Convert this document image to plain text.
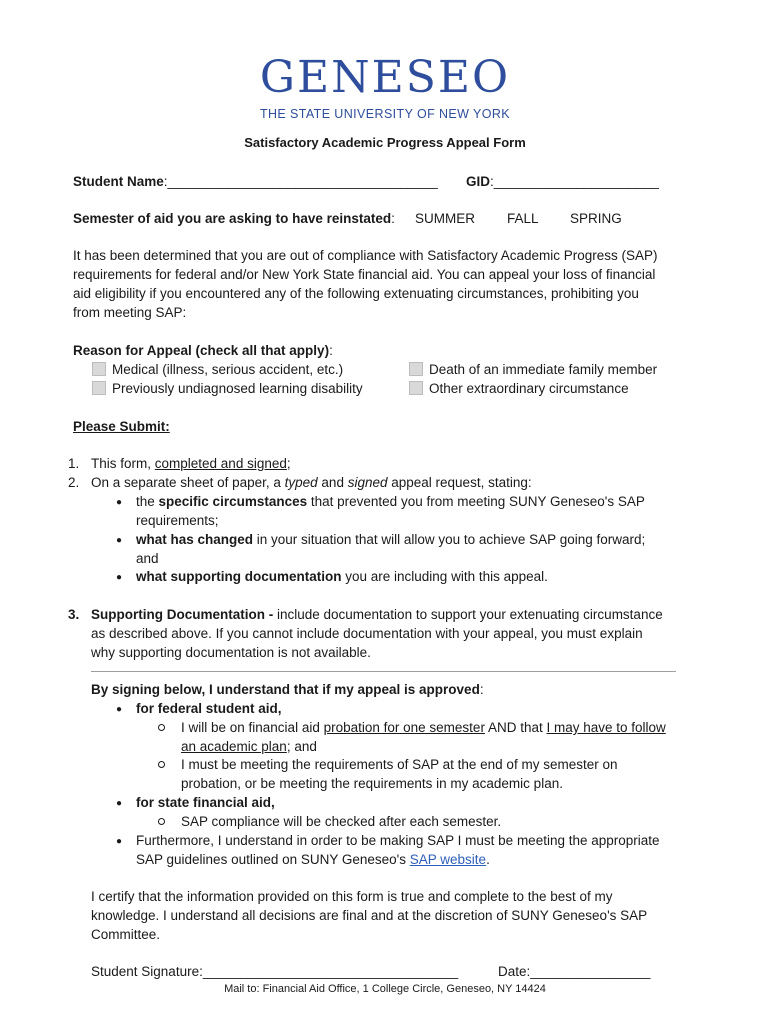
GENESEO
THE STATE UNIVERSITY OF NEW YORK
Satisfactory Academic Progress Appeal Form
Student Name:____________________________________ GID:______________________
Semester of aid you are asking to have reinstated: SUMMER FALL SPRING
It has been determined that you are out of compliance with Satisfactory Academic Progress (SAP)
requirements for federal and/or New York State financial aid. You can appeal your loss of financial
aid eligibility if you encountered any of the following extenuating circumstances, prohibiting you
from meeting SAP:
Reason for Appeal (check all that apply):
Medical (illness, serious accident, etc.)
Previously undiagnosed learning disability
Death of an immediate family member
Other extraordinary circumstance
Please Submit:
1. This form, completed and signed;
2. On a separate sheet of paper, a typed and signed appeal request, stating:
● the specific circumstances that prevented you from meeting SUNY Geneseo's SAP
requirements;
● what has changed in your situation that will allow you to achieve SAP going forward;
and
● what supporting documentation you are including with this appeal.
3. Supporting Documentation - include documentation to support your extenuating circumstance
as described above. If you cannot include documentation with your appeal, you must explain
why supporting documentation is not available.
By signing below, I understand that if my appeal is approved:
● for federal student aid,
I will be on financial aid probation for one semester AND that I may have to follow
an academic plan; and
I must be meeting the requirements of SAP at the end of my semester on
probation, or be meeting the requirements in my academic plan.
● for state financial aid,
SAP compliance will be checked after each semester.
● Furthermore, I understand in order to be making SAP I must be meeting the appropriate
SAP guidelines outlined on SUNY Geneseo's SAP website.
I certify that the information provided on this form is true and complete to the best of my
knowledge. I understand all decisions are final and at the discretion of SUNY Geneseo's SAP
Committee.
Student Signature:__________________________________	Date:________________
Mail to: Financial Aid Office, 1 College Circle, Geneseo, NY 14424
